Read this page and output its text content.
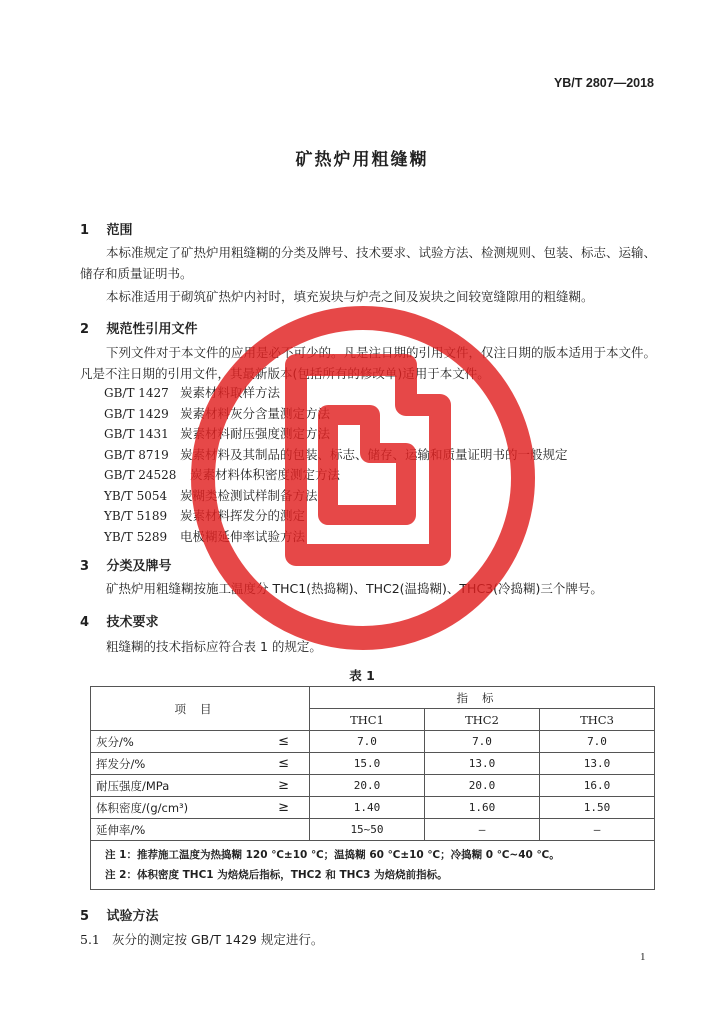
YB/T 2807—2018
矿热炉用粗缝糊
1 范围
本标准规定了矿热炉用粗缝糊的分类及牌号、技术要求、试验方法、检测规则、包装、标志、运输、储存和质量证明书。
本标准适用于砌筑矿热炉内衬时，填充炭块与炉壳之间及炭块之间较宽缝隙用的粗缝糊。
2 规范性引用文件
下列文件对于本文件的应用是必不可少的。凡是注日期的引用文件，仅注日期的版本适用于本文件。凡是不注日期的引用文件，其最新版本(包括所有的修改单)适用于本文件。
GB/T 1427 炭素材料取样方法
GB/T 1429 炭素材料灰分含量测定方法
GB/T 1431 炭素材料耐压强度测定方法
GB/T 8719 炭素材料及其制品的包装、标志、储存、运输和质量证明书的一般规定
GB/T 24528 炭素材料体积密度测定方法
YB/T 5054 炭糊类检测试样制备方法
YB/T 5189 炭素材料挥发分的测定
YB/T 5289 电极糊延伸率试验方法
3 分类及牌号
矿热炉用粗缝糊按施工温度分 THC1(热捣糊)、THC2(温捣糊)、THC3(冷捣糊)三个牌号。
4 技术要求
粗缝糊的技术指标应符合表 1 的规定。
表 1
项目		指标		
		THC1	THC2	THC3
灰分/%	≤	7.0	7.0	7.0
挥发分/%	≤	15.0	13.0	13.0
耐压强度/MPa	≥	20.0	20.0	16.0
体积密度/(g/cm³)	≥	1.40	1.60	1.50
延伸率/%		15~50	—	—

注 1：推荐施工温度为热捣糊 120 ℃±10 ℃；温捣糊 60 ℃±10 ℃；冷捣糊 0 ℃~40 ℃。
注 2：体积密度 THC1 为焙烧后指标，THC2 和 THC3 为焙烧前指标。				
5 试验方法
5.1 灰分的测定按 GB/T 1429 规定进行。
1
